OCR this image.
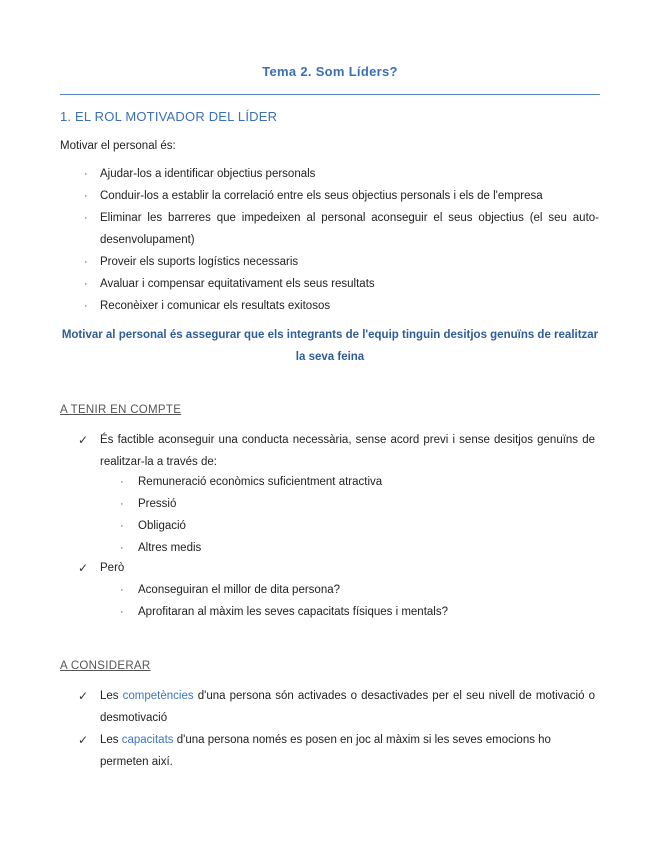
Tema 2. Som Líders?
1. EL ROL MOTIVADOR DEL LÍDER
Motivar el personal és:
· Ajudar-los a identificar objectius personals
· Conduir-los a establir la correlació entre els seus objectius personals i els de l'empresa
· Eliminar les barreres que impedeixen al personal aconseguir el seus objectius (el seu auto-desenvolupament)
· Proveir els suports logístics necessaris
· Avaluar i compensar equitativament els seus resultats
· Reconèixer i comunicar els resultats exitosos
Motivar al personal és assegurar que els integrants de l'equip tinguin desitjos genuïns de realitzar la seva feina
A TENIR EN COMPTE
✓ És factible aconseguir una conducta necessària, sense acord previ i sense desitjos genuïns de realitzar-la a través de:
· Remuneració econòmics suficientment atractiva
· Pressió
· Obligació
· Altres medis
✓ Però
· Aconseguiran el millor de dita persona?
· Aprofitaran al màxim les seves capacitats físiques i mentals?
A CONSIDERAR
✓ Les competències d'una persona són activades o desactivades per el seu nivell de motivació o desmotivació
✓ Les capacitats d'una persona només es posen en joc al màxim si les seves emocions ho permeten així.
